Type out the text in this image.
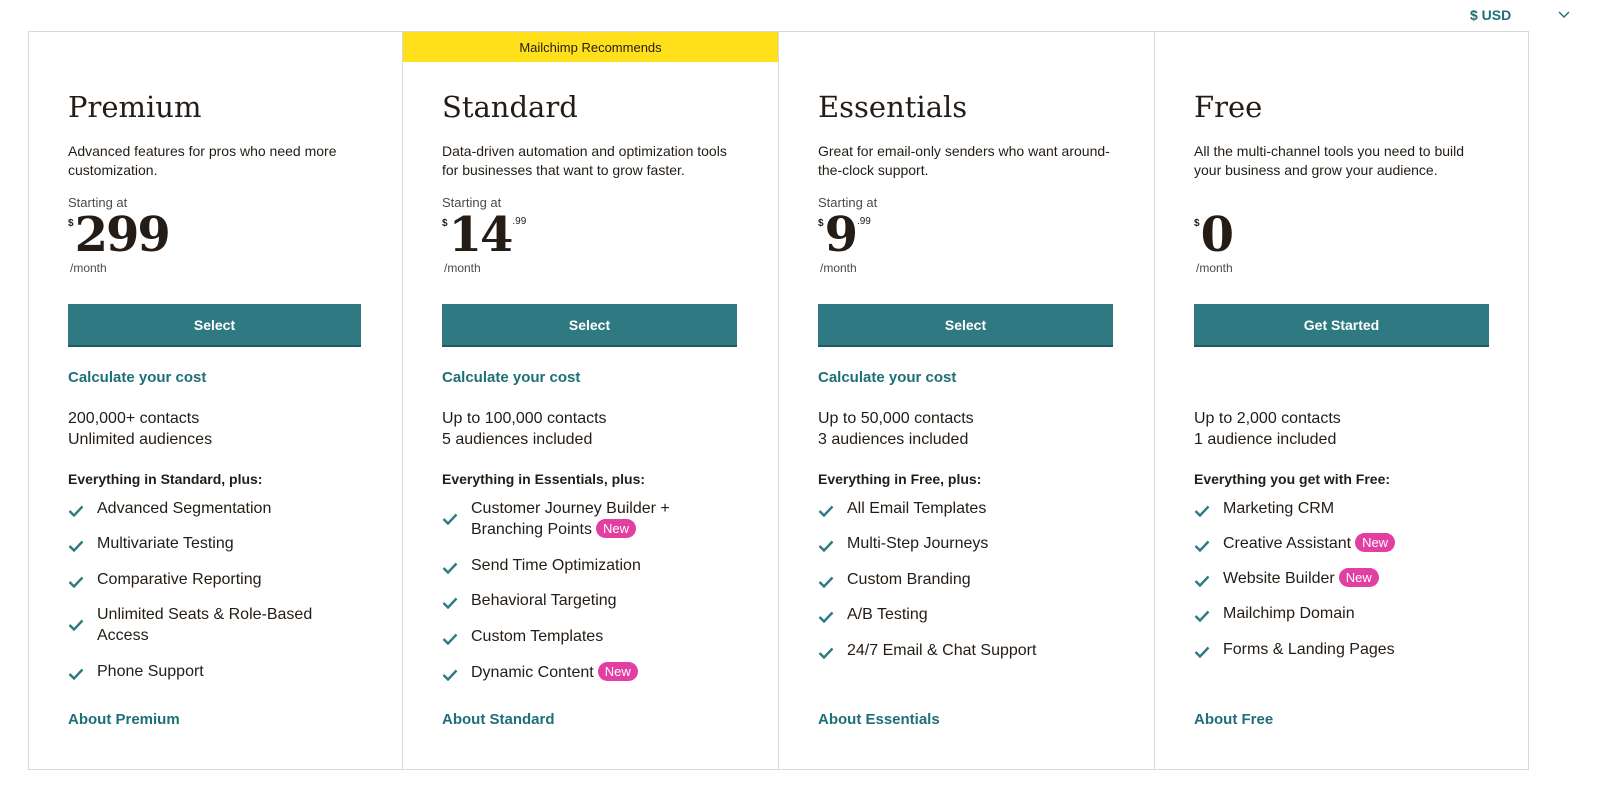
$ USD
Premium
Advanced features for pros who need more customization.
Starting at
$ 299
/month
Select
Calculate your cost
200,000+ contacts
Unlimited audiences
Everything in Standard, plus:
Advanced Segmentation
Multivariate Testing
Comparative Reporting
Unlimited Seats & Role-Based Access
Phone Support
About Premium
Mailchimp Recommends
Standard
Data-driven automation and optimization tools for businesses that want to grow faster.
Starting at
$ 14 .99
/month
Select
Calculate your cost
Up to 100,000 contacts
5 audiences included
Everything in Essentials, plus:
Customer Journey Builder + Branching Points New
Send Time Optimization
Behavioral Targeting
Custom Templates
Dynamic Content New
About Standard
Essentials
Great for email-only senders who want around-the-clock support.
Starting at
$ 9 .99
/month
Select
Calculate your cost
Up to 50,000 contacts
3 audiences included
Everything in Free, plus:
All Email Templates
Multi-Step Journeys
Custom Branding
A/B Testing
24/7 Email & Chat Support
About Essentials
Free
All the multi-channel tools you need to build your business and grow your audience.
$ 0
/month
Get Started
Up to 2,000 contacts
1 audience included
Everything you get with Free:
Marketing CRM
Creative Assistant New
Website Builder New
Mailchimp Domain
Forms & Landing Pages
About Free
